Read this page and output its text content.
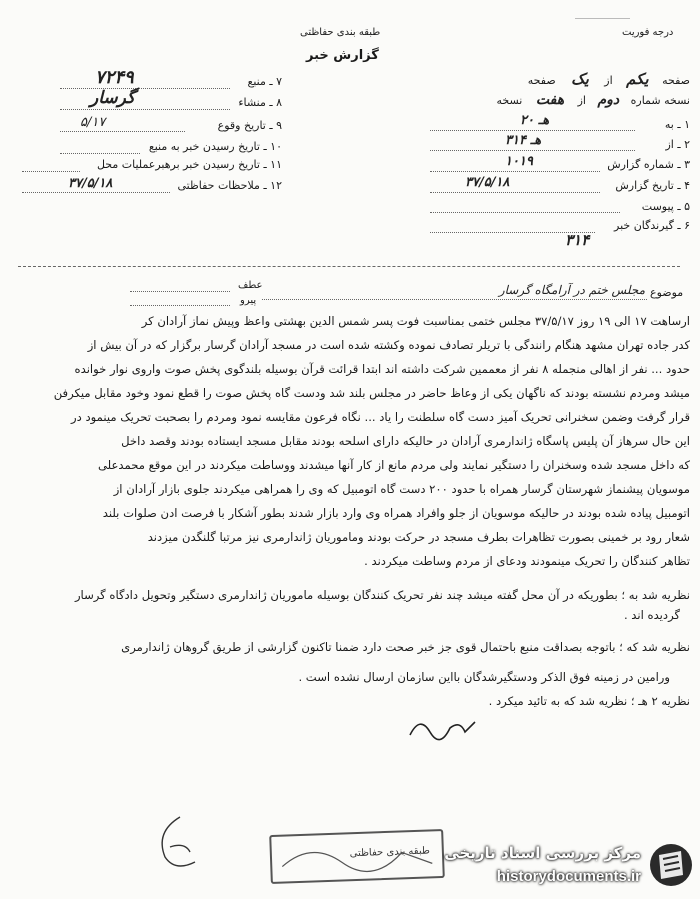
طبقه بندی حفاظتی
گزارش خبر
درجه فوریت
۷ ـ منبع
۷۲۴۹
۸ ـ منشاء
گرسار
۹ ـ تاریخ وقوع
۵/۱۷
۱۰ ـ تاریخ رسیدن خبر به منبع
۱۱ ـ تاریخ رسیدن خبر برهبرعملیات محل
۱۲ ـ ملاحظات حفاظتی
۳۷/۵/۱۸
صفحه یکم از یک صفحه
نسخه شماره دوم از هفت نسخه
۱ ـ به
۲۰ هـ
۲ ـ از
۳۱۴ هـ
۳ ـ شماره گزارش
۱۰۱۹
۴ ـ تاریخ گزارش
۳۷/۵/۱۸
۵ ـ پیوست
۶ ـ گیرندگان خبر
۳۱۴
عطف
پیرو
موضوع
مجلس ختم در آرامگاه گرسار
ارساهت ۱۷ الی ۱۹ روز ۳۷/۵/۱۷ مجلس ختمی بمناسبت فوت پسر شمس الدین بهشتی واعظ وپیش نماز آرادان کر
کدر جاده تهران مشهد هنگام رانندگی با تریلر تصادف نموده وکشته شده است در مسجد آرادان گرسار برگزار که در آن بیش از
حدود ... نفر از اهالی منجمله ۸ نفر از معممین شرکت داشته اند ابتدا قرائت قرآن بوسیله بلندگوی پخش صوت واروی نوار خوانده
میشد ومردم نشسته بودند که ناگهان یکی از وعاظ حاضر در مجلس بلند شد ودست گاه پخش صوت را قطع نمود وخود مقابل میکرفن
قرار گرفت وضمن سخنرانی تحریک آمیز دست گاه سلطنت را یاد ... نگاه فرعون مقایسه نمود ومردم را بصحبت تحریک مینمود در
این حال سرهاز آن پلیس پاسگاه ژاندارمری آرادان در حالیکه دارای اسلحه بودند مقابل مسجد ایستاده بودند وقصد داخل
که داخل مسجد شده وسخنران را دستگیر نمایند ولی مردم مانع از کار آنها میشدند ووساطت میکردند در این موقع محمدعلی
موسویان پیشنماز شهرستان گرسار همراه با حدود ۲۰۰ دست گاه اتومبیل که وی را همراهی میکردند جلوی بازار آرادان از
اتومبیل پیاده شده بودند در حالیکه موسویان از جلو وافراد همراه وی وارد بازار شدند بطور آشکار با فرصت ادن صلوات بلند
شعار رود بر خمینی بصورت تظاهرات بطرف مسجد در حرکت بودند وماموریان ژاندارمری نیز مرتبا گلنگدن میزدند
تظاهر کنندگان را تحریک مینمودند ودعای از مردم وساطت میکردند .
نظریه شد به ؛ بطوریکه در آن محل گفته میشد چند نفر تحریک کنندگان بوسیله ماموریان ژاندارمری دستگیر وتحویل دادگاه گرسار
گردیده اند .
نظریه شد که ؛ باتوجه بصداقت منبع باحتمال قوی جز خبر صحت دارد ضمنا تاکنون گزارشی از طریق گروهان ژاندارمری
ورامین در زمینه فوق الذکر ودستگیرشدگان بااین سازمان ارسال نشده است .
نظریه ۲ هـ ؛ نظریه شد که به تائید میکرد .
طبقه بندی حفاظتی مرکز بررسی اسناد تاریخی
historydocuments.ir
